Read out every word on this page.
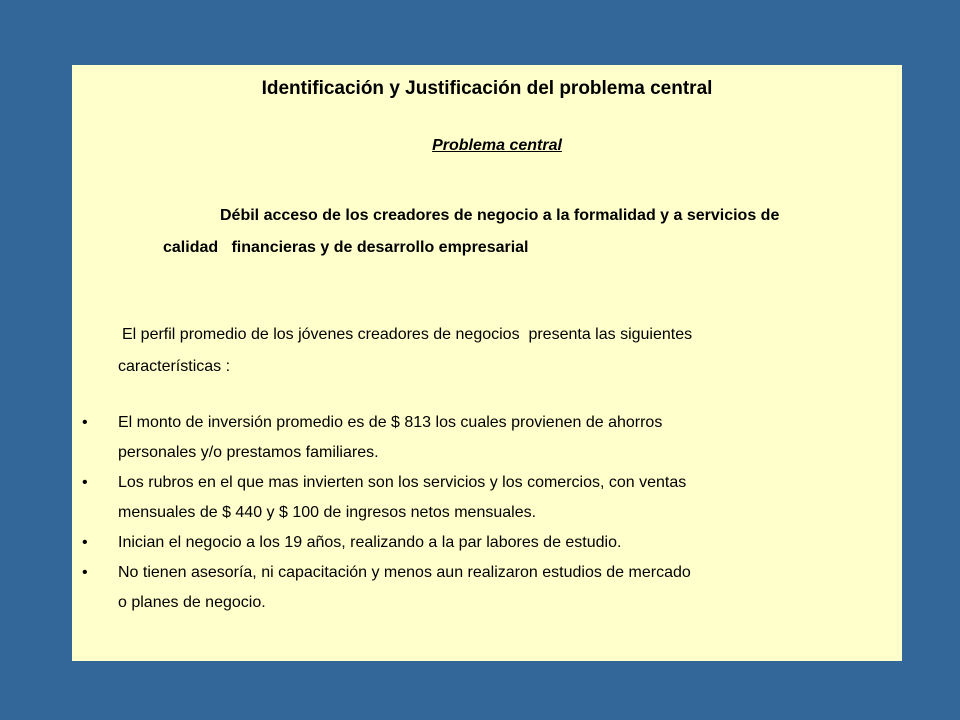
Identificación y Justificación del problema central

Problema central

Débil acceso de los creadores de negocio a la formalidad y a servicios de
calidad   financieras y de desarrollo empresarial

El perfil promedio de los jóvenes creadores de negocios  presenta las siguientes
características :

• El monto de inversión promedio es de $ 813 los cuales provienen de ahorros
personales y/o prestamos familiares.
• Los rubros en el que mas invierten son los servicios y los comercios, con ventas
mensuales de $ 440 y $ 100 de ingresos netos mensuales.
• Inician el negocio a los 19 años, realizando a la par labores de estudio.
• No tienen asesoría, ni capacitación y menos aun realizaron estudios de mercado
o planes de negocio.
